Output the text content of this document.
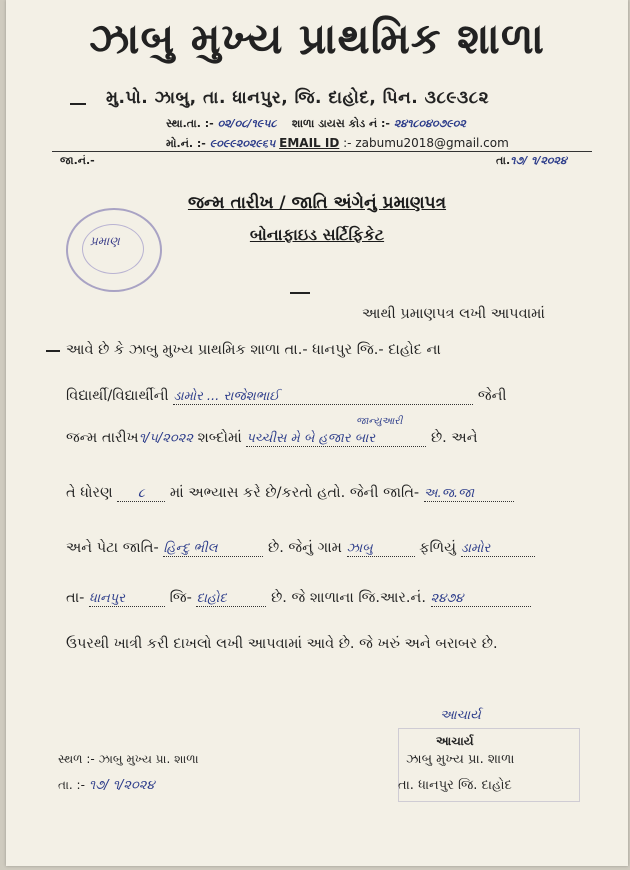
ઝાબુ મુખ્ય પ્રાથમિક શાળા
મુ.પો. ઝાબુ, તા. ધાનપુર, જિ. દાહોદ, પિન. ૩૮૯૩૮૨
સ્થા.તા. :- ૦૨/૦૮/૧૯૫૮ શાળા ડાયસ કોડ નં :- ૨૪૧૮૦૪૦૭૯૦૨
મો.નં. :- ૯૦૯૯૨૦૨૯૬૫ EMAIL ID :- zabumu2018@gmail.com
જા.નં.-	તા.૧૭/ ૧/૨૦૨૪
જન્મ તારીખ / જાતિ અંગેનું પ્રમાણપત્ર
બોનાફાઇડ સર્ટિફિકેટ
પ્રમાણ
આથી પ્રમાણપત્ર લખી આપવામાં
આવે છે કે ઝાબુ મુખ્ય પ્રાથમિક શાળા તા.- ધાનપુર જિ.- દાહોદ ના
વિદ્યાર્થી/વિદ્યાર્થીની ડામોર ... રાજેશભાઈ	જેની
જાન્યુઆરી
જન્મ તારીખ૧/૫/૨૦૨૨ શબ્દોમાં પચ્ચીસ મે બે હજાર બાર	છે. અને
તે ધોરણ ૮ માં અભ્યાસ કરે છે/કરતો હતો. જેની જાતિ- અ.જ.જા
અને પેટા જાતિ- હિન્દુ ભીલ	છે. જેનું ગામ ઝાબુ	ફળિયું ડામોર
તા- ધાનપુર	જિ- દાહોદ	છે. જે શાળાના જિ.આર.નં. ૨૪૭૪
ઉપરથી ખાત્રી કરી દાખલો લખી આપવામાં આવે છે. જે ખરું અને બરાબર છે.
આચાર્ય
સ્થળ :- ઝાબુ મુખ્ય પ્રા. શાળા
તા. :- ૧૭/ ૧/૨૦૨૪
આચાર્ય
ઝાબુ મુખ્ય પ્રા. શાળા
તા. ધાનપુર જિ. દાહોદ
